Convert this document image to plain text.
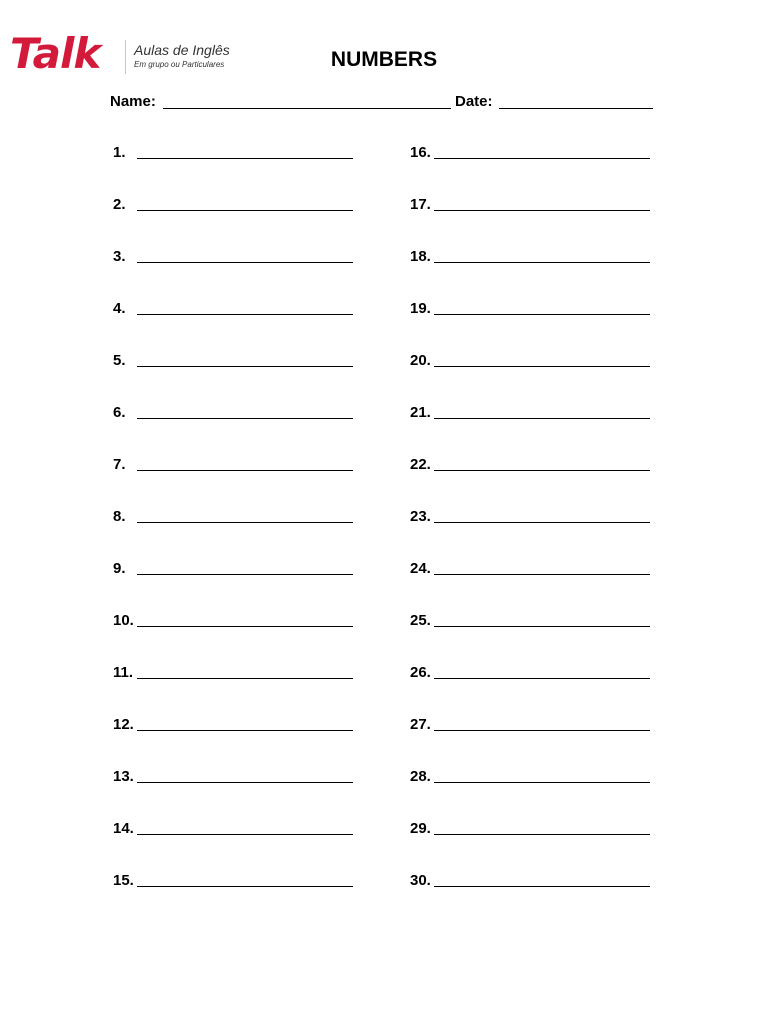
Talk Aulas de Inglês
Em grupo ou Particulares	NUMBERS
Name:	Date:
1.
2.
3.
4.
5.
6.
7.
8.
9.
10.
11.
12.
13.
14.
15.
16.
17.
18.
19.
20.
21.
22.
23.
24.
25.
26.
27.
28.
29.
30.
